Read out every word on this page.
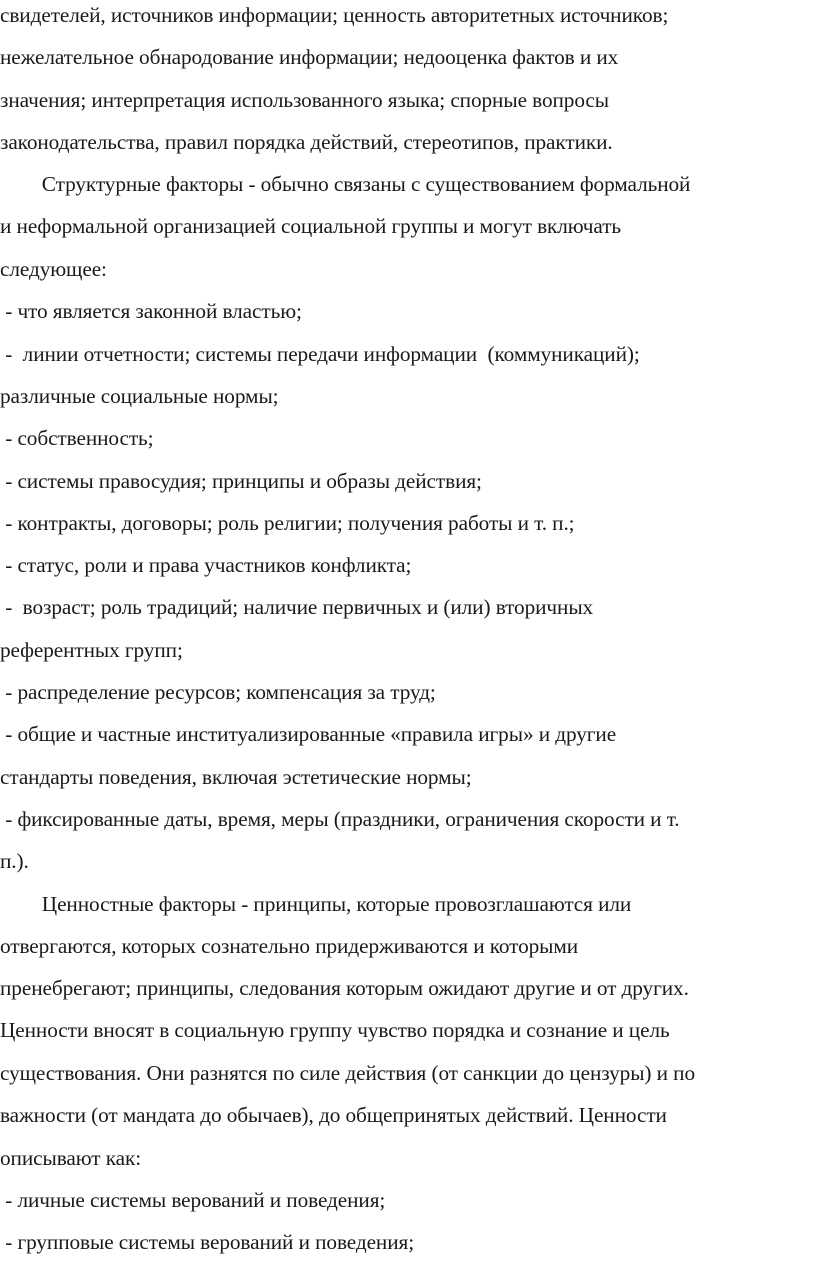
свидетелей, источников информации; ценность авторитетных источников;
нежелательное обнародование информации; недооценка фактов и их
значения; интерпретация использованного языка; спорные вопросы
законодательства, правил порядка действий, стереотипов, практики.
Структурные факторы - обычно связаны с существованием формальной
и неформальной организацией социальной группы и могут включать
следующее:
- что является законной властью;
-  линии отчетности; системы передачи информации  (коммуникаций);
различные социальные нормы;
- собственность;
- системы правосудия; принципы и образы действия;
- контракты, договоры; роль религии; получения работы и т. п.;
- статус, роли и права участников конфликта;
-  возраст; роль традиций; наличие первичных и (или) вторичных
референтных групп;
- распределение ресурсов; компенсация за труд;
- общие и частные институализированные «правила игры» и другие
стандарты поведения, включая эстетические нормы;
- фиксированные даты, время, меры (праздники, ограничения скорости и т.
п.).
Ценностные факторы - принципы, которые провозглашаются или
отвергаются, которых сознательно придерживаются и которыми
пренебрегают; принципы, следования которым ожидают другие и от других.
Ценности вносят в социальную группу чувство порядка и сознание и цель
существования. Они разнятся по силе действия (от санкции до цензуры) и по
важности (от мандата до обычаев), до общепринятых действий. Ценности
описывают как:
- личные системы верований и поведения;
- групповые системы верований и поведения;
